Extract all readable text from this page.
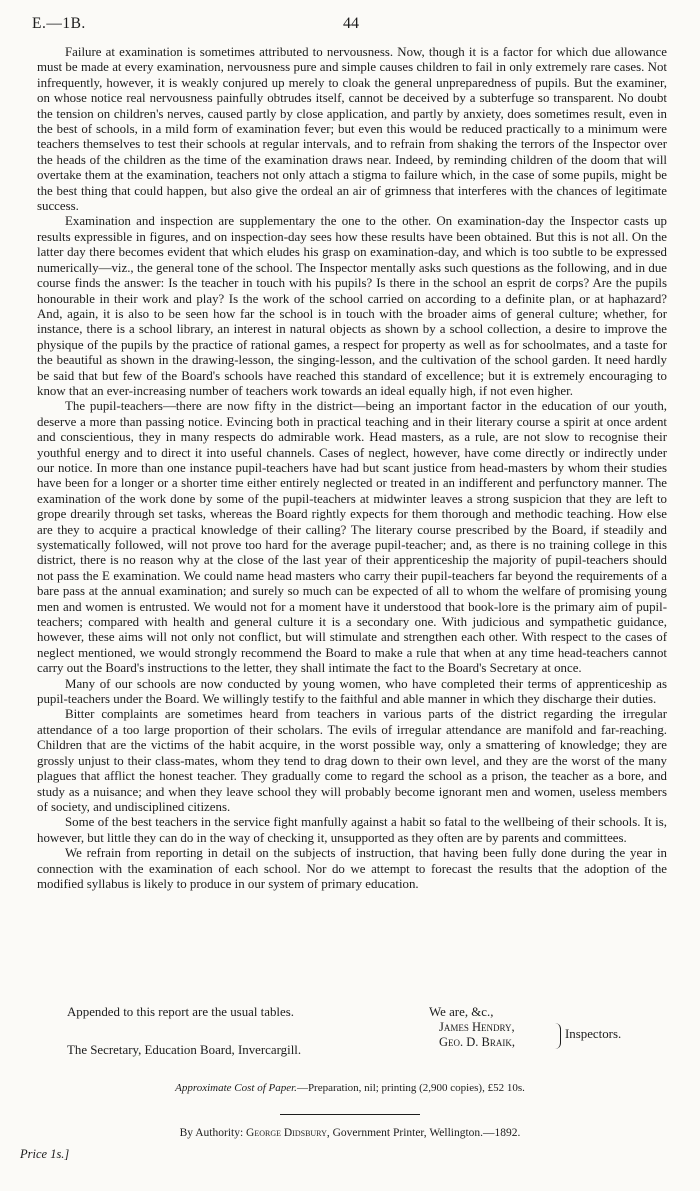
E.—1B.	44

Failure at examination is sometimes attributed to nervousness. Now, though it is a factor for which due allowance must be made at every examination, nervousness pure and simple causes children to fail in only extremely rare cases. Not infrequently, however, it is weakly conjured up merely to cloak the general unpreparedness of pupils. But the examiner, on whose notice real nervousness painfully obtrudes itself, cannot be deceived by a subterfuge so transparent. No doubt the tension on children's nerves, caused partly by close application, and partly by anxiety, does sometimes result, even in the best of schools, in a mild form of examination fever; but even this would be reduced practically to a minimum were teachers themselves to test their schools at regular intervals, and to refrain from shaking the terrors of the Inspector over the heads of the children as the time of the examination draws near. Indeed, by reminding children of the doom that will overtake them at the examination, teachers not only attach a stigma to failure which, in the case of some pupils, might be the best thing that could happen, but also give the ordeal an air of grimness that interferes with the chances of legitimate success.

Examination and inspection are supplementary the one to the other. On examination-day the Inspector casts up results expressible in figures, and on inspection-day sees how these results have been obtained. But this is not all. On the latter day there becomes evident that which eludes his grasp on examination-day, and which is too subtle to be expressed numerically—viz., the general tone of the school. The Inspector mentally asks such questions as the following, and in due course finds the answer: Is the teacher in touch with his pupils? Is there in the school an esprit de corps? Are the pupils honourable in their work and play? Is the work of the school carried on according to a definite plan, or at haphazard? And, again, it is also to be seen how far the school is in touch with the broader aims of general culture; whether, for instance, there is a school library, an interest in natural objects as shown by a school collection, a desire to improve the physique of the pupils by the practice of rational games, a respect for property as well as for schoolmates, and a taste for the beautiful as shown in the drawing-lesson, the singing-lesson, and the cultivation of the school garden. It need hardly be said that but few of the Board's schools have reached this standard of excellence; but it is extremely encouraging to know that an ever-increasing number of teachers work towards an ideal equally high, if not even higher.

The pupil-teachers—there are now fifty in the district—being an important factor in the education of our youth, deserve a more than passing notice. Evincing both in practical teaching and in their literary course a spirit at once ardent and conscientious, they in many respects do admirable work. Head masters, as a rule, are not slow to recognise their youthful energy and to direct it into useful channels. Cases of neglect, however, have come directly or indirectly under our notice. In more than one instance pupil-teachers have had but scant justice from head-masters by whom their studies have been for a longer or a shorter time either entirely neglected or treated in an indifferent and perfunctory manner. The examination of the work done by some of the pupil-teachers at midwinter leaves a strong suspicion that they are left to grope drearily through set tasks, whereas the Board rightly expects for them thorough and methodic teaching. How else are they to acquire a practical knowledge of their calling? The literary course prescribed by the Board, if steadily and systematically followed, will not prove too hard for the average pupil-teacher; and, as there is no training college in this district, there is no reason why at the close of the last year of their apprenticeship the majority of pupil-teachers should not pass the E examination. We could name head masters who carry their pupil-teachers far beyond the requirements of a bare pass at the annual examination; and surely so much can be expected of all to whom the welfare of promising young men and women is entrusted. We would not for a moment have it understood that book-lore is the primary aim of pupil-teachers; compared with health and general culture it is a secondary one. With judicious and sympathetic guidance, however, these aims will not only not conflict, but will stimulate and strengthen each other. With respect to the cases of neglect mentioned, we would strongly recommend the Board to make a rule that when at any time head-teachers cannot carry out the Board's instructions to the letter, they shall intimate the fact to the Board's Secretary at once.

Many of our schools are now conducted by young women, who have completed their terms of apprenticeship as pupil-teachers under the Board. We willingly testify to the faithful and able manner in which they discharge their duties.

Bitter complaints are sometimes heard from teachers in various parts of the district regarding the irregular attendance of a too large proportion of their scholars. The evils of irregular attendance are manifold and far-reaching. Children that are the victims of the habit acquire, in the worst possible way, only a smattering of knowledge; they are grossly unjust to their class-mates, whom they tend to drag down to their own level, and they are the worst of the many plagues that afflict the honest teacher. They gradually come to regard the school as a prison, the teacher as a bore, and study as a nuisance; and when they leave school they will probably become ignorant men and women, useless members of society, and undisciplined citizens.

Some of the best teachers in the service fight manfully against a habit so fatal to the wellbeing of their schools. It is, however, but little they can do in the way of checking it, unsupported as they often are by parents and committees.

We refrain from reporting in detail on the subjects of instruction, that having been fully done during the year in connection with the examination of each school. Nor do we attempt to forecast the results that the adoption of the modified syllabus is likely to produce in our system of primary education.

Appended to this report are the usual tables.	We are, &c.,
James Hendry,
Geo. D. Braik,
Inspectors.
The Secretary, Education Board, Invercargill.
Approximate Cost of Paper.—Preparation, nil; printing (2,900 copies), £52 10s.
By Authority: George Didsbury, Government Printer, Wellington.—1892.
Price 1s.]
